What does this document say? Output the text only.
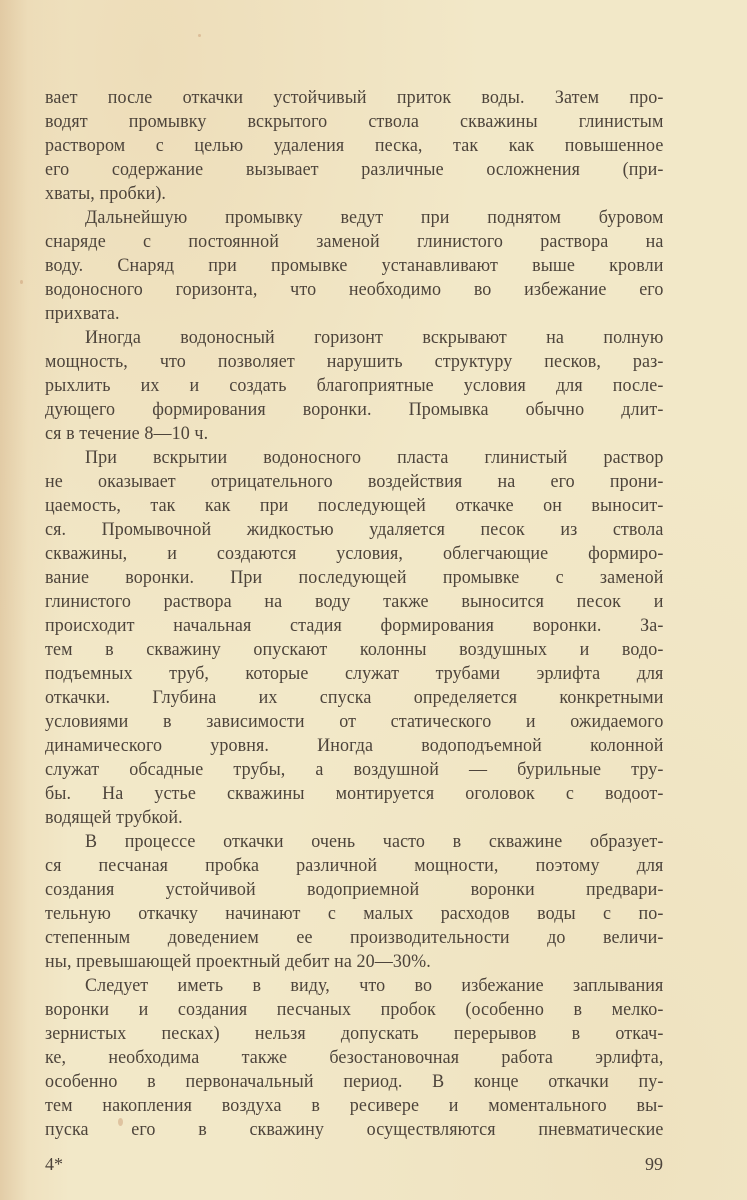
вает после откачки устойчивый приток воды. Затем про-
водят промывку вскрытого ствола скважины глинистым
раствором с целью удаления песка, так как повышенное
его содержание вызывает различные осложнения (при-
хваты, пробки).
Дальнейшую промывку ведут при поднятом буровом
снаряде с постоянной заменой глинистого раствора на
воду. Снаряд при промывке устанавливают выше кровли
водоносного горизонта, что необходимо во избежание его
прихвата.
Иногда водоносный горизонт вскрывают на полную
мощность, что позволяет нарушить структуру песков, раз-
рыхлить их и создать благоприятные условия для после-
дующего формирования воронки. Промывка обычно длит-
ся в течение 8—10 ч.
При вскрытии водоносного пласта глинистый раствор
не оказывает отрицательного воздействия на его прони-
цаемость, так как при последующей откачке он выносит-
ся. Промывочной жидкостью удаляется песок из ствола
скважины, и создаются условия, облегчающие формиро-
вание воронки. При последующей промывке с заменой
глинистого раствора на воду также выносится песок и
происходит начальная стадия формирования воронки. За-
тем в скважину опускают колонны воздушных и водо-
подъемных труб, которые служат трубами эрлифта для
откачки. Глубина их спуска определяется конкретными
условиями в зависимости от статического и ожидаемого
динамического уровня. Иногда водоподъемной колонной
служат обсадные трубы, а воздушной — бурильные тру-
бы. На устье скважины монтируется оголовок с водоот-
водящей трубкой.
В процессе откачки очень часто в скважине образует-
ся песчаная пробка различной мощности, поэтому для
создания устойчивой водоприемной воронки предвари-
тельную откачку начинают с малых расходов воды с по-
степенным доведением ее производительности до величи-
ны, превышающей проектный дебит на 20—30%.
Следует иметь в виду, что во избежание заплывания
воронки и создания песчаных пробок (особенно в мелко-
зернистых песках) нельзя допускать перерывов в откач-
ке, необходима также безостановочная работа эрлифта,
особенно в первоначальный период. В конце откачки пу-
тем накопления воздуха в ресивере и моментального вы-
пуска его в скважину осуществляются пневматические
4*	99
